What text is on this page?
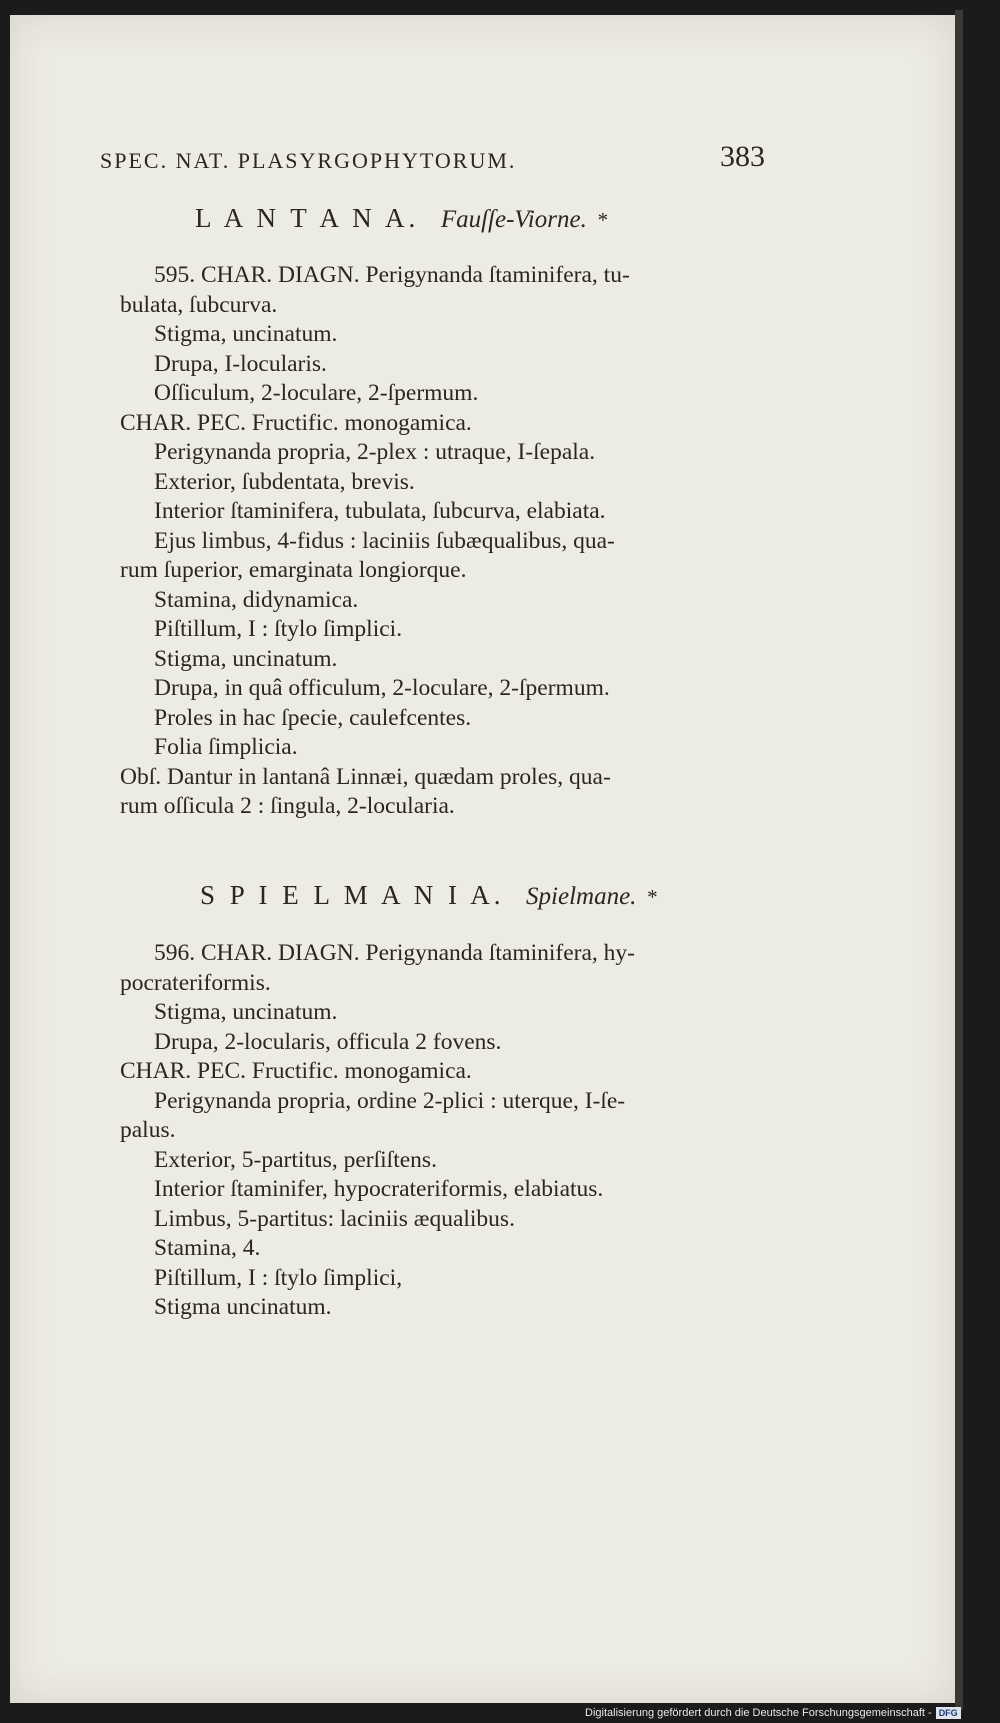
SPEC. NAT. PLASYRGOPHYTORUM.	383
L A N T A N A. Fauſſe-Viorne. *
595. CHAR. DIAGN. Perigynanda ſtaminifera, tu-
bulata, ſubcurva.
Stigma, uncinatum.
Drupa, I-locularis.
Oſſiculum, 2-loculare, 2-ſpermum.
CHAR. PEC. Fructific. monogamica.
Perigynanda propria, 2-plex : utraque, I-ſepala.
Exterior, ſubdentata, brevis.
Interior ſtaminifera, tubulata, ſubcurva, elabiata.
Ejus limbus, 4-fidus : laciniis ſubæqualibus, qua-
rum ſuperior, emarginata longiorque.
Stamina, didynamica.
Piſtillum, I : ſtylo ſimplici.
Stigma, uncinatum.
Drupa, in quâ officulum, 2-loculare, 2-ſpermum.
Proles in hac ſpecie, caulefcentes.
Folia ſimplicia.
Obſ. Dantur in lantanâ Linnæi, quædam proles, qua-
rum oſſicula 2 : ſingula, 2-locularia.
S P I E L M A N I A. Spielmane. *
596. CHAR. DIAGN. Perigynanda ſtaminifera, hy-
pocrateriformis.
Stigma, uncinatum.
Drupa, 2-locularis, officula 2 fovens.
CHAR. PEC. Fructific. monogamica.
Perigynanda propria, ordine 2-plici : uterque, I-ſe-
palus.
Exterior, 5-partitus, perſiſtens.
Interior ſtaminifer, hypocrateriformis, elabiatus.
Limbus, 5-partitus: laciniis æqualibus.
Stamina, 4.
Piſtillum, I : ſtylo ſimplici,
Stigma uncinatum.
Digitalisierung gefördert durch die Deutsche Forschungsgemeinschaft - DFG
